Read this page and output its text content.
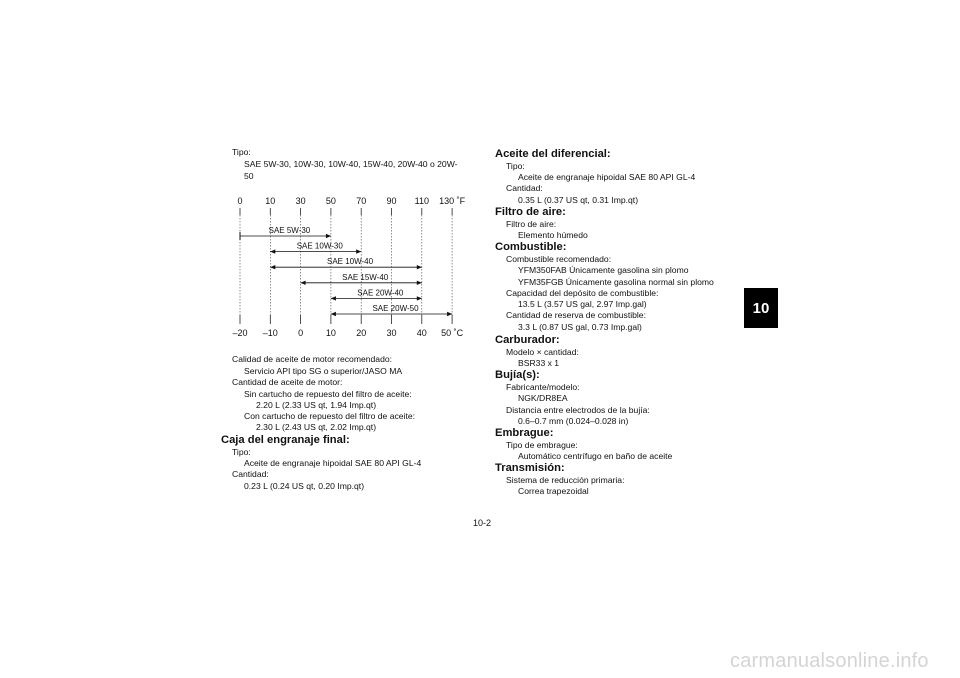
Tipo:
SAE 5W-30, 10W-30, 10W-40, 15W-40, 20W-40 o 20W-
50
0	10 30 50 70 90 110 130 ˚F
–20 –10 0	10 20 30 40 50 ˚C
SAE 5W-30
SAE 10W-30
SAE 10W-40
SAE 15W-40
SAE 20W-40
SAE 20W-50
Calidad de aceite de motor recomendado:
Servicio API tipo SG o superior/JASO MA
Cantidad de aceite de motor:
Sin cartucho de repuesto del filtro de aceite:
2.20 L (2.33 US qt, 1.94 Imp.qt)
Con cartucho de repuesto del filtro de aceite:
2.30 L (2.43 US qt, 2.02 Imp.qt)
Caja del engranaje final:
Tipo:
Aceite de engranaje hipoidal SAE 80 API GL-4
Cantidad:
0.23 L (0.24 US qt, 0.20 Imp.qt)
Aceite del diferencial:
Tipo:
Aceite de engranaje hipoidal SAE 80 API GL-4
Cantidad:
0.35 L (0.37 US qt, 0.31 Imp.qt)
Filtro de aire:
Filtro de aire:
Elemento húmedo
Combustible:
Combustible recomendado:
YFM350FAB Únicamente gasolina sin plomo
YFM35FGB Únicamente gasolina normal sin plomo
Capacidad del depósito de combustible:
13.5 L (3.57 US gal, 2.97 Imp.gal)
Cantidad de reserva de combustible:
3.3 L (0.87 US gal, 0.73 Imp.gal)
Carburador:
Modelo × cantidad:
BSR33 x 1
Bujía(s):
Fabricante/modelo:
NGK/DR8EA
Distancia entre electrodos de la bujía:
0.6–0.7 mm (0.024–0.028 in)
Embrague:
Tipo de embrague:
Automático centrífugo en baño de aceite
Transmisión:
Sistema de reducción primaria:
Correa trapezoidal
10
10-2
carmanualsonline.info
